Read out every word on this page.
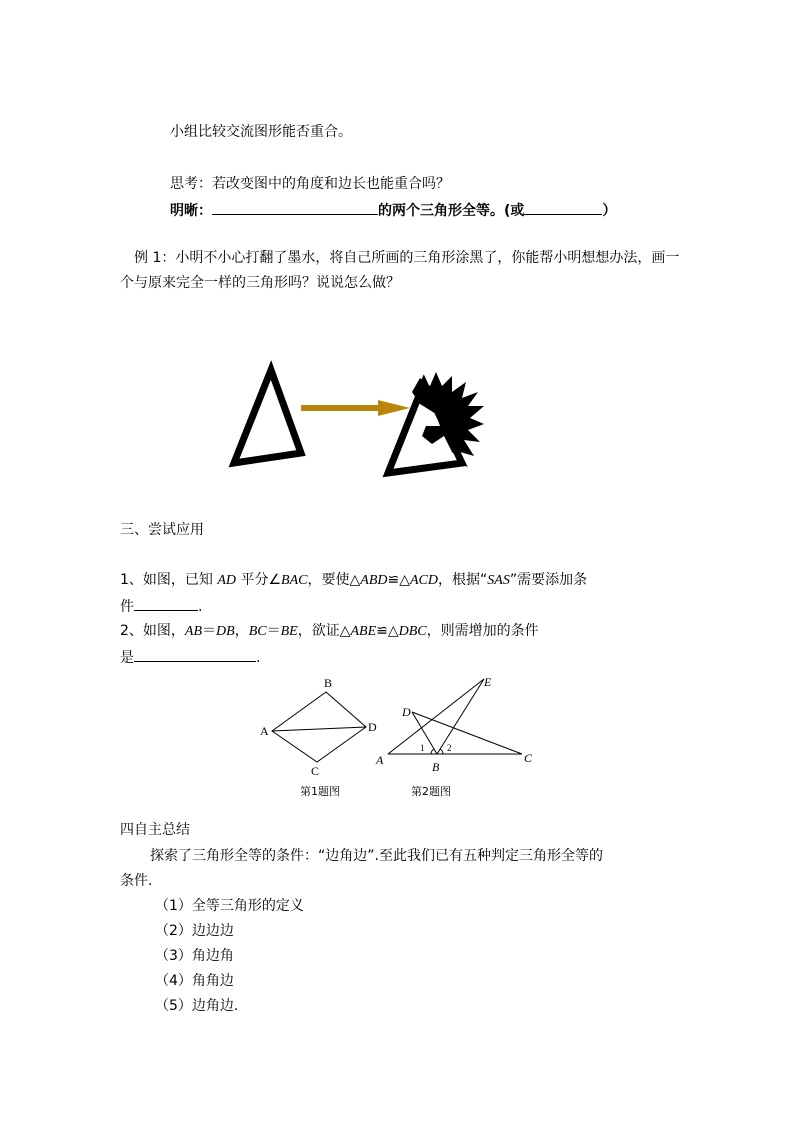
小组比较交流图形能否重合。
思考：若改变图中的角度和边长也能重合吗？
明晰：	的两个三角形全等。(或	）
例 1：小明不小心打翻了墨水，将自己所画的三角形涂黑了，你能帮小明想想办法，画一
个与原来完全一样的三角形吗？说说怎么做？
三、尝试应用
1、如图，已知 AD 平分∠BAC，要使△ABD≌△ACD，根据“SAS”需要添加条
件	.
2、如图，AB＝DB，BC＝BE，欲证△ABE≌△DBC，则需增加的条件
是	.
B
A	D
C
第1题图
E
D
A	B
C
1	2
第2题图
四自主总结
探索了三角形全等的条件：“边角边”.至此我们已有五种判定三角形全等的
条件.
（1）全等三角形的定义
（2）边边边
（3）角边角
（4）角角边
（5）边角边.
